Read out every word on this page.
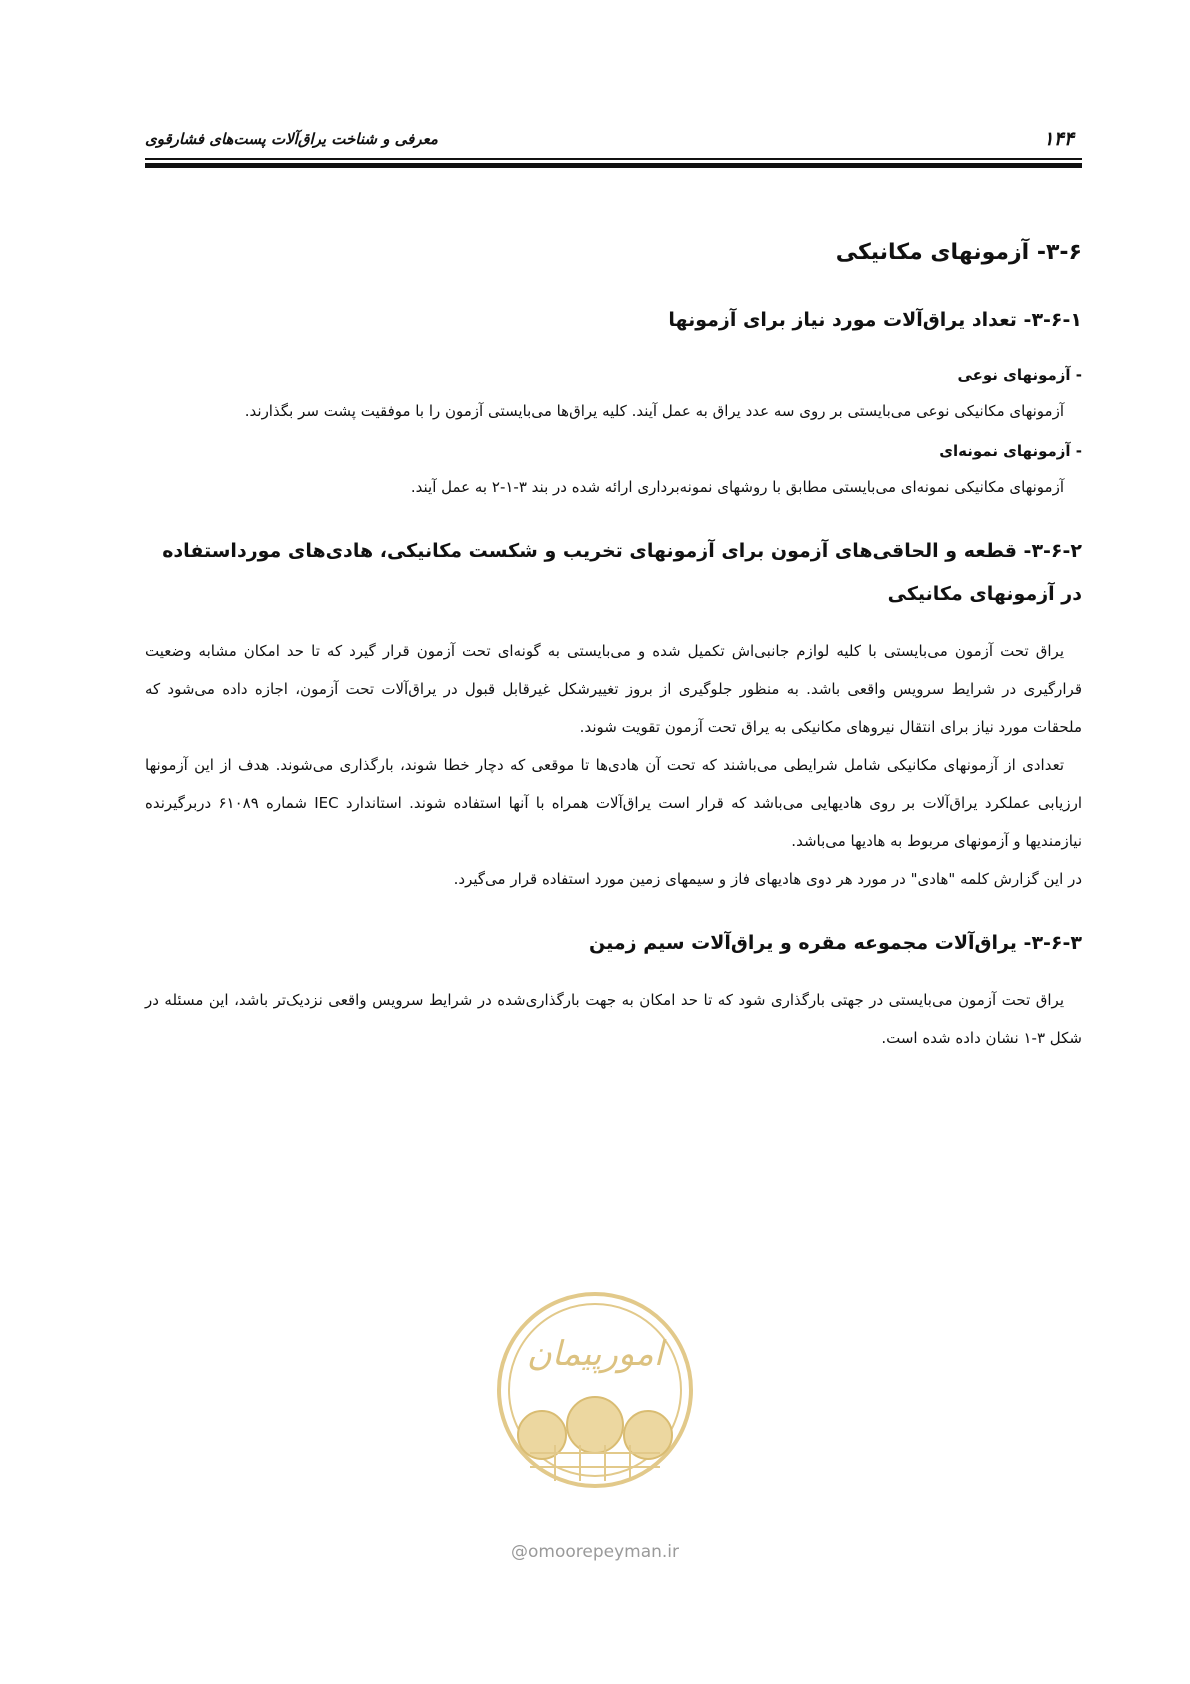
۱۴۴
معرفی و شناخت یراق‌آلات پست‌های فشارقوی
۳-۶- آزمونهای مکانیکی
۳-۶-۱- تعداد یراق‌آلات مورد نیاز برای آزمونها
- آزمونهای نوعی

آزمونهای مکانیکی نوعی می‌بایستی بر روی سه عدد یراق به عمل آیند. کلیه یراق‌ها می‌بایستی آزمون را با موفقیت پشت سر بگذارند.

- آزمونهای نمونه‌ای

آزمونهای مکانیکی نمونه‌ای می‌بایستی مطابق با روشهای نمونه‌برداری ارائه شده در بند ۳-۱-۲ به عمل آیند.

۳-۶-۲- قطعه و الحاقی‌های آزمون برای آزمونهای تخریب و شکست مکانیکی، هادی‌های مورداستفاده در آزمونهای مکانیکی

یراق تحت آزمون می‌بایستی با کلیه لوازم جانبی‌اش تکمیل شده و می‌بایستی به گونه‌ای تحت آزمون قرار گیرد که تا حد امکان مشابه وضعیت قرارگیری در شرایط سرویس واقعی باشد. به منظور جلوگیری از بروز تغییرشکل غیرقابل قبول در یراق‌آلات تحت آزمون، اجازه داده می‌شود که ملحقات مورد نیاز برای انتقال نیروهای مکانیکی به یراق تحت آزمون تقویت شوند.

تعدادی از آزمونهای مکانیکی شامل شرایطی می‌باشند که تحت آن هادی‌ها تا موقعی که دچار خطا شوند، بارگذاری می‌شوند. هدف از این آزمونها ارزیابی عملکرد یراق‌آلات بر روی هادیهایی می‌باشد که قرار است یراق‌آلات همراه با آنها استفاده شوند. استاندارد IEC شماره ۶۱۰۸۹ دربرگیرنده نیازمندیها و آزمونهای مربوط به هادیها می‌باشد.

در این گزارش کلمه "هادی" در مورد هر دوی هادیهای فاز و سیمهای زمین مورد استفاده قرار می‌گیرد.

۳-۶-۳- یراق‌آلات مجموعه مقره و یراق‌آلات سیم زمین

یراق تحت آزمون می‌بایستی در جهتی بارگذاری شود که تا حد امکان به جهت بارگذاری‌شده در شرایط سرویس واقعی نزدیک‌تر باشد، این مسئله در شکل ۳-۱ نشان داده شده است.

امورپیمان
@omoorepeyman.ir
